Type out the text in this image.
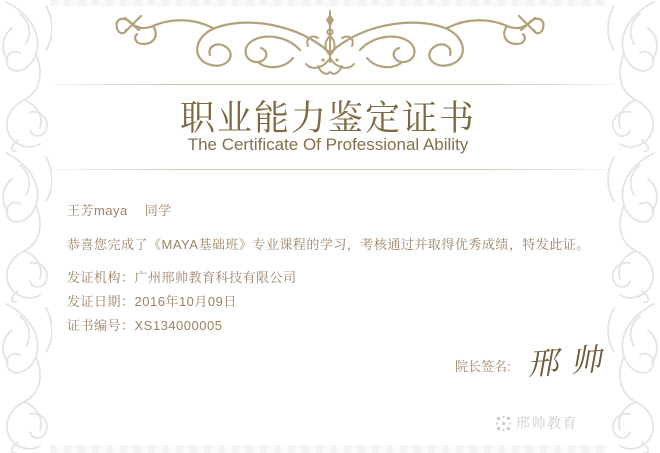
职业能力鉴定证书
The Certificate Of Professional Ability
王芳maya 同学
恭喜您完成了《MAYA基础班》专业课程的学习，考核通过并取得优秀成绩，特发此证。
发证机构：广州邢帅教育科技有限公司
发证日期：2016年10月09日
证书编号：XS134000005
院长签名: 邢帅
邢帅教育
